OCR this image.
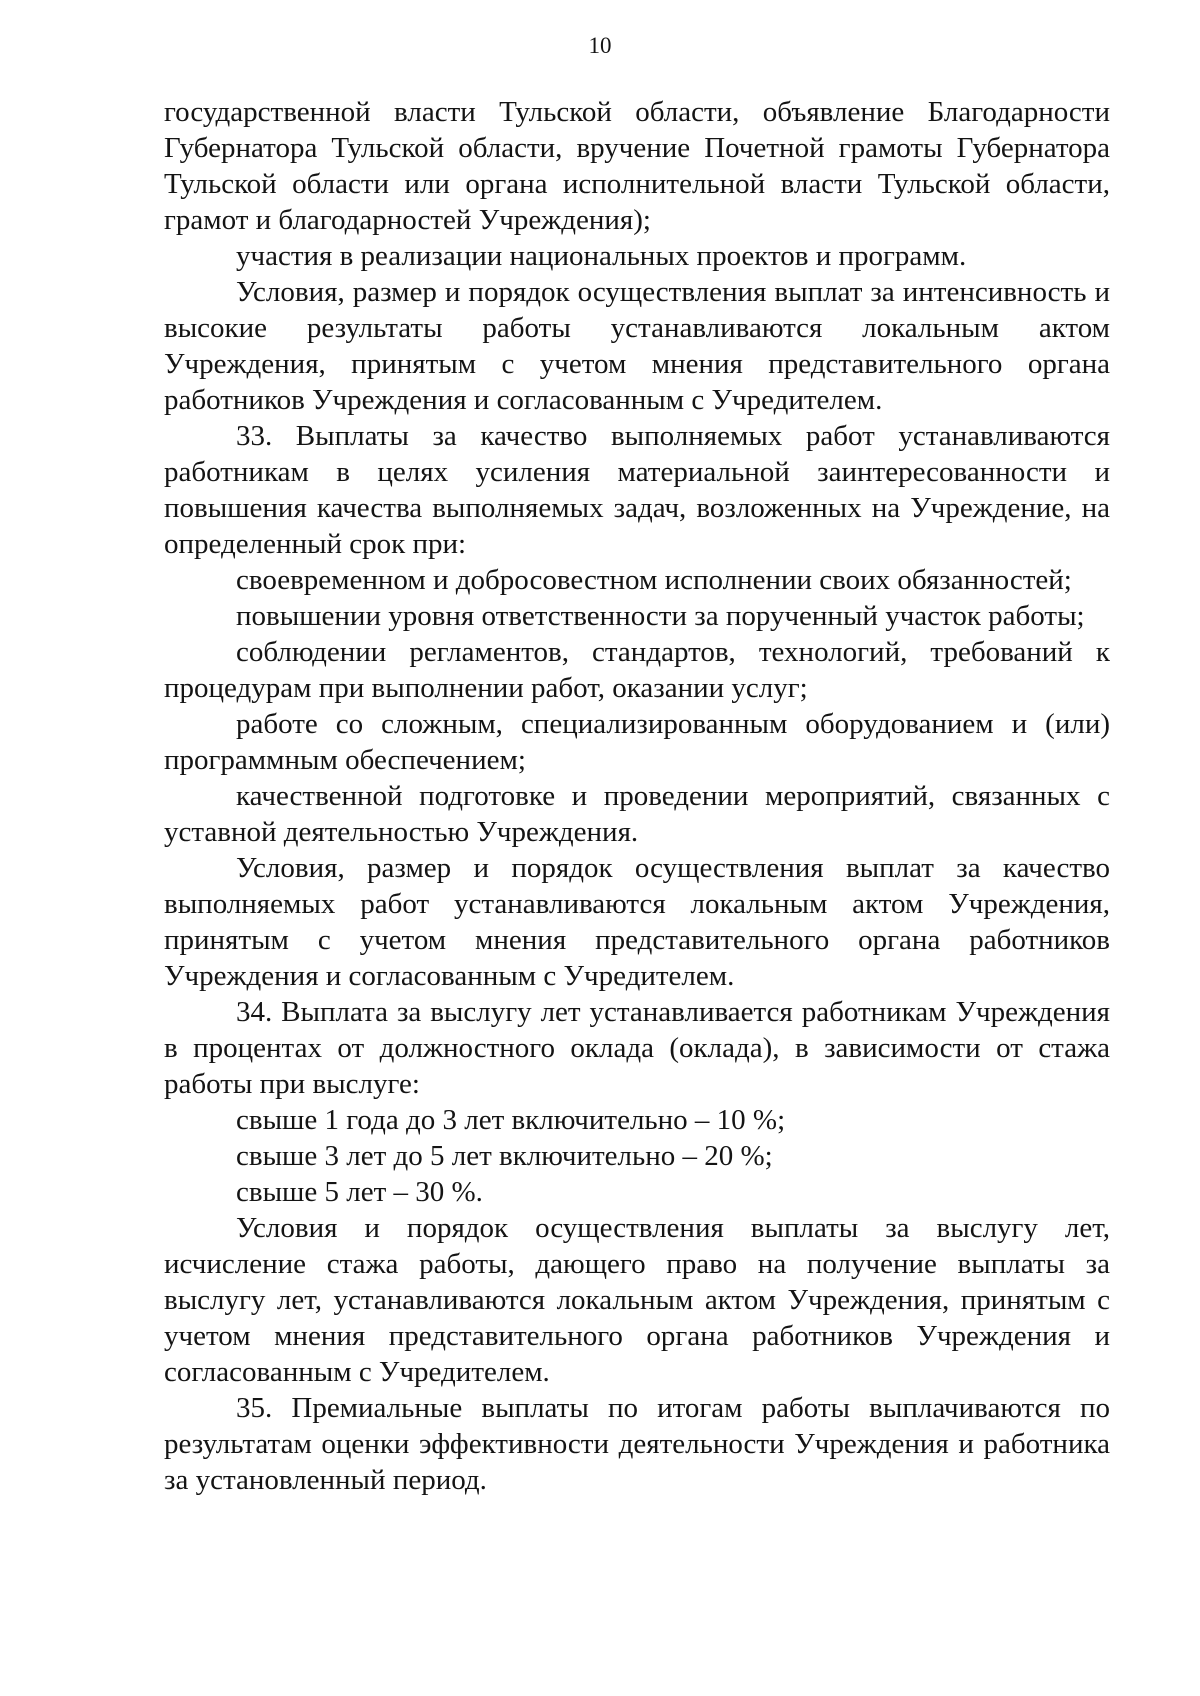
10

государственной власти Тульской области, объявление Благодарности Губернатора Тульской области, вручение Почетной грамоты Губернатора Тульской области или органа исполнительной власти Тульской области, грамот и благодарностей Учреждения);

участия в реализации национальных проектов и программ.

Условия, размер и порядок осуществления выплат за интенсивность и высокие результаты работы устанавливаются локальным актом Учреждения, принятым с учетом мнения представительного органа работников Учреждения и согласованным с Учредителем.

33. Выплаты за качество выполняемых работ устанавливаются работникам в целях усиления материальной заинтересованности и повышения качества выполняемых задач, возложенных на Учреждение, на определенный срок при:

своевременном и добросовестном исполнении своих обязанностей;

повышении уровня ответственности за порученный участок работы;

соблюдении регламентов, стандартов, технологий, требований к процедурам при выполнении работ, оказании услуг;

работе со сложным, специализированным оборудованием и (или) программным обеспечением;

качественной подготовке и проведении мероприятий, связанных с уставной деятельностью Учреждения.

Условия, размер и порядок осуществления выплат за качество выполняемых работ устанавливаются локальным актом Учреждения, принятым с учетом мнения представительного органа работников Учреждения и согласованным с Учредителем.

34. Выплата за выслугу лет устанавливается работникам Учреждения в процентах от должностного оклада (оклада), в зависимости от стажа работы при выслуге:

свыше 1 года до 3 лет включительно – 10 %;

свыше 3 лет до 5 лет включительно – 20 %;

свыше 5 лет – 30 %.

Условия и порядок осуществления выплаты за выслугу лет, исчисление стажа работы, дающего право на получение выплаты за выслугу лет, устанавливаются локальным актом Учреждения, принятым с учетом мнения представительного органа работников Учреждения и согласованным с Учредителем.

35. Премиальные выплаты по итогам работы выплачиваются по результатам оценки эффективности деятельности Учреждения и работника за установленный период.
